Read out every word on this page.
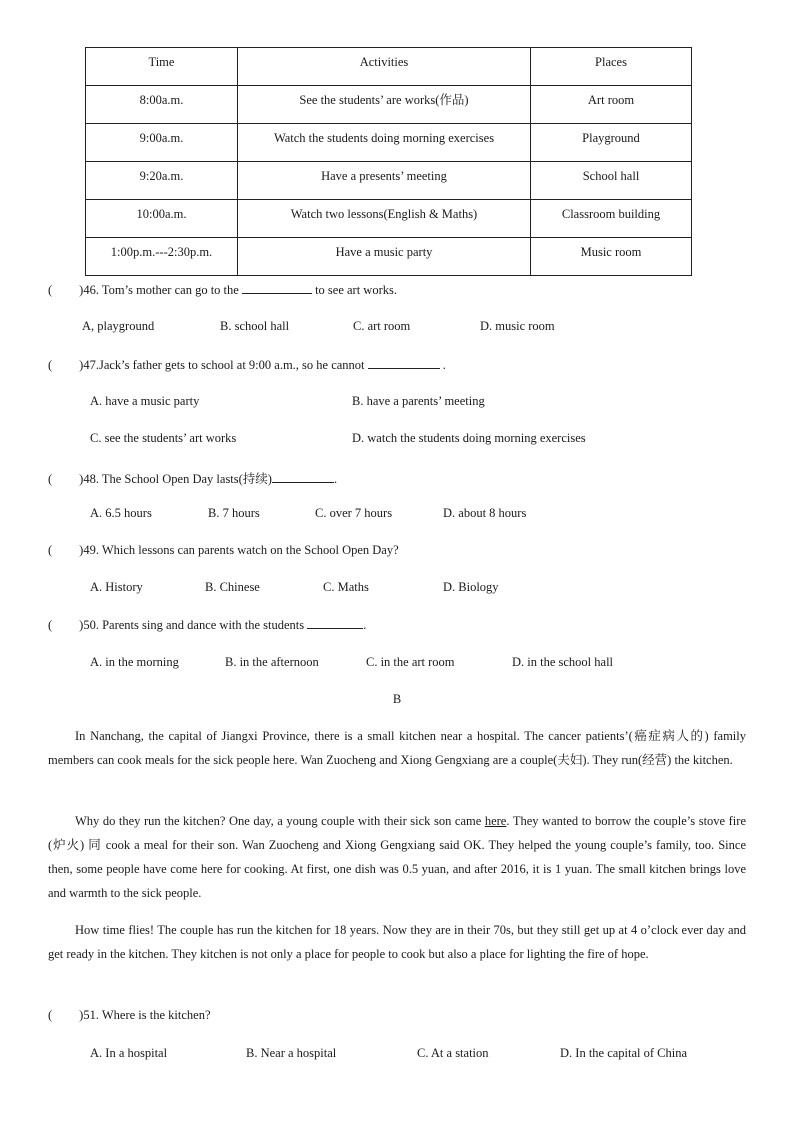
Time	Activities	Places
8:00a.m.	See the students’ are works(作品)	Art room
9:00a.m.	Watch the students doing morning exercises	Playground
9:20a.m.	Have a presents’ meeting	School hall
10:00a.m.	Watch two lessons(English & Maths)	Classroom building
1:00p.m.---2:30p.m.	Have a music party	Music room
( )46. Tom’s mother can go to the	to see art works.
A, playground	B. school hall	C. art room	D. music room
( )47.Jack’s father gets to school at 9:00 a.m., so he cannot	.
A. have a music party	B. have a parents’ meeting
C. see the students’ art works	D. watch the students doing morning exercises
( )48. The School Open Day lasts(持续)	.
A. 6.5 hours	B. 7 hours	C. over 7 hours	D. about 8 hours
( )49. Which lessons can parents watch on the School Open Day?
A. History	B. Chinese	C. Maths	D. Biology
( )50. Parents sing and dance with the students	.
A. in the morning	B. in the afternoon	C. in the art room	D. in the school hall
B
In Nanchang, the capital of Jiangxi Province, there is a small kitchen near a hospital. The cancer patients’(癌症病人的) family members can cook meals for the sick people here. Wan Zuocheng and Xiong Gengxiang are a couple(夫妇). They run(经营) the kitchen.
Why do they run the kitchen? One day, a young couple with their sick son came here. They wanted to borrow the couple’s stove fire (炉火) 同 cook a meal for their son. Wan Zuocheng and Xiong Gengxiang said OK. They helped the young couple’s family, too. Since then, some people have come here for cooking. At first, one dish was 0.5 yuan, and after 2016, it is 1 yuan. The small kitchen brings love and warmth to the sick people.
How time flies! The couple has run the kitchen for 18 years. Now they are in their 70s, but they still get up at 4 o’clock ever day and get ready in the kitchen. They kitchen is not only a place for people to cook but also a place for lighting the fire of hope.
( )51. Where is the kitchen?
A. In a hospital	B. Near a hospital	C. At a station	D. In the capital of China
